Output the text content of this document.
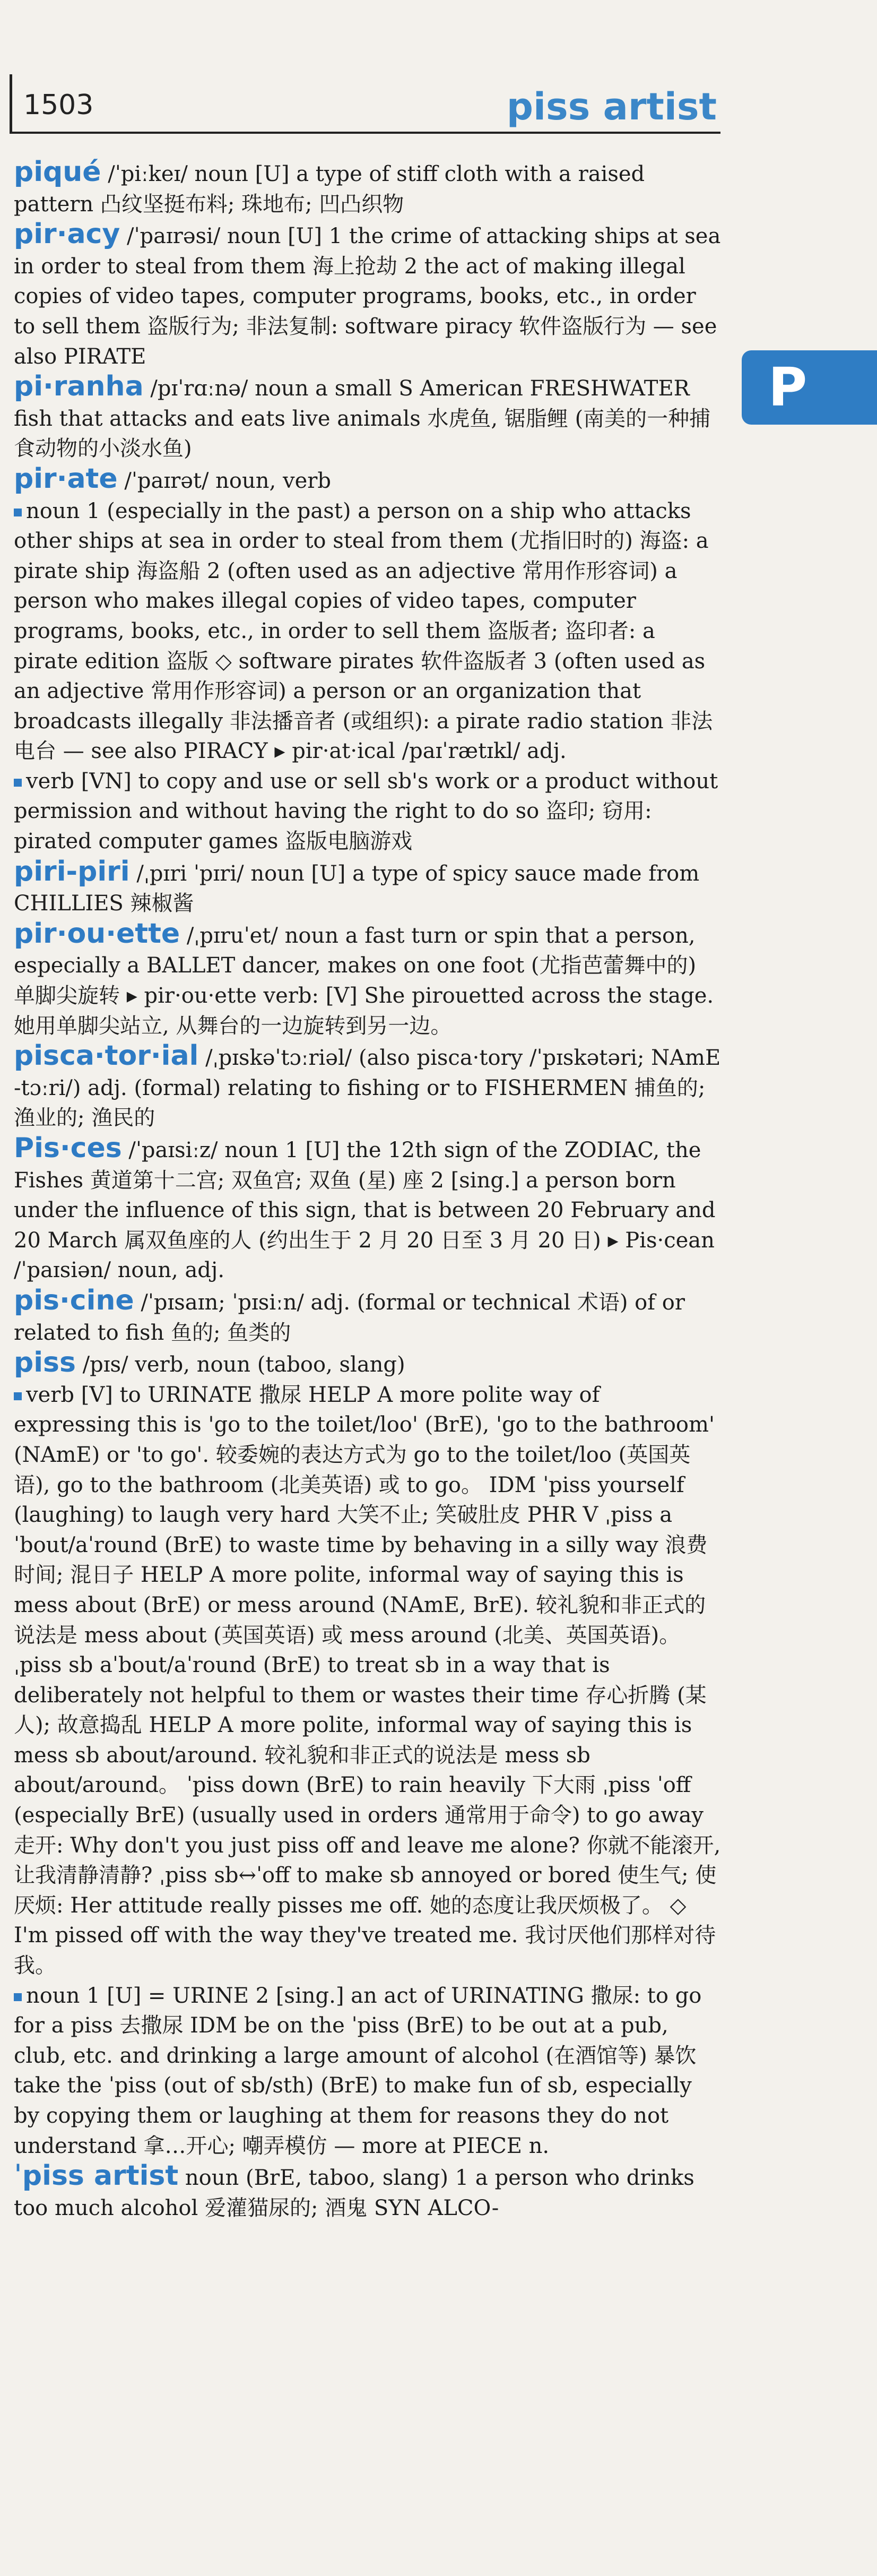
1503	piss artist
P

piqué /ˈpiːkeɪ/ noun [U] a type of stiff cloth with a raised pattern 凸纹坚挺布料; 珠地布; 凹凸织物

pir·acy /ˈpaɪrəsi/ noun [U] 1 the crime of attacking ships at sea in order to steal from them 海上抢劫 2 the act of making illegal copies of video tapes, computer programs, books, etc., in order to sell them 盗版行为; 非法复制: software piracy 软件盗版行为 — see also PIRATE

pi·ranha /pɪˈrɑːnə/ noun a small S American FRESHWATER fish that attacks and eats live animals 水虎鱼, 锯脂鲤 (南美的一种捕食动物的小淡水鱼)

pir·ate /ˈpaɪrət/ noun, verb

noun 1 (especially in the past) a person on a ship who attacks other ships at sea in order to steal from them (尤指旧时的) 海盗: a pirate ship 海盗船 2 (often used as an adjective 常用作形容词) a person who makes illegal copies of video tapes, computer programs, books, etc., in order to sell them 盗版者; 盗印者: a pirate edition 盗版 ◇ software pirates 软件盗版者 3 (often used as an adjective 常用作形容词) a person or an organization that broadcasts illegally 非法播音者 (或组织): a pirate radio station 非法电台 — see also PIRACY ▸ pir·at·ical /paɪˈrætɪkl/ adj.

verb [VN] to copy and use or sell sb's work or a product without permission and without having the right to do so 盗印; 窃用: pirated computer games 盗版电脑游戏

piri-piri /ˌpɪri ˈpɪri/ noun [U] a type of spicy sauce made from CHILLIES 辣椒酱

pir·ou·ette /ˌpɪruˈet/ noun a fast turn or spin that a person, especially a BALLET dancer, makes on one foot (尤指芭蕾舞中的) 单脚尖旋转 ▸ pir·ou·ette verb: [V] She pirouetted across the stage. 她用单脚尖站立, 从舞台的一边旋转到另一边。

pisca·tor·ial /ˌpɪskəˈtɔːriəl/ (also pisca·tory /ˈpɪskətəri; NAmE -tɔːri/) adj. (formal) relating to fishing or to FISHERMEN 捕鱼的; 渔业的; 渔民的

Pis·ces /ˈpaɪsiːz/ noun 1 [U] the 12th sign of the ZODIAC, the Fishes 黄道第十二宫; 双鱼宫; 双鱼 (星) 座 2 [sing.] a person born under the influence of this sign, that is between 20 February and 20 March 属双鱼座的人 (约出生于 2 月 20 日至 3 月 20 日) ▸ Pis·cean /ˈpaɪsiən/ noun, adj.

pis·cine /ˈpɪsaɪn; ˈpɪsiːn/ adj. (formal or technical 术语) of or related to fish 鱼的; 鱼类的

piss /pɪs/ verb, noun (taboo, slang)

verb [V] to URINATE 撒尿 HELP A more polite way of expressing this is 'go to the toilet/loo' (BrE), 'go to the bathroom' (NAmE) or 'to go'. 较委婉的表达方式为 go to the toilet/loo (英国英语), go to the bathroom (北美英语) 或 to go。 IDM ˈpiss yourself (laughing) to laugh very hard 大笑不止; 笑破肚皮 PHR V ˌpiss aˈbout/aˈround (BrE) to waste time by behaving in a silly way 浪费时间; 混日子 HELP A more polite, informal way of saying this is mess about (BrE) or mess around (NAmE, BrE). 较礼貌和非正式的说法是 mess about (英国英语) 或 mess around (北美、英国英语)。 ˌpiss sb aˈbout/aˈround (BrE) to treat sb in a way that is deliberately not helpful to them or wastes their time 存心折腾 (某人); 故意捣乱 HELP A more polite, informal way of saying this is mess sb about/around. 较礼貌和非正式的说法是 mess sb about/around。 ˈpiss down (BrE) to rain heavily 下大雨 ˌpiss ˈoff (especially BrE) (usually used in orders 通常用于命令) to go away 走开: Why don't you just piss off and leave me alone? 你就不能滚开, 让我清静清静? ˌpiss sb↔ˈoff to make sb annoyed or bored 使生气; 使厌烦: Her attitude really pisses me off. 她的态度让我厌烦极了。 ◇ I'm pissed off with the way they've treated me. 我讨厌他们那样对待我。

noun 1 [U] = URINE 2 [sing.] an act of URINATING 撒尿: to go for a piss 去撒尿 IDM be on the ˈpiss (BrE) to be out at a pub, club, etc. and drinking a large amount of alcohol (在酒馆等) 暴饮 take the ˈpiss (out of sb/sth) (BrE) to make fun of sb, especially by copying them or laughing at them for reasons they do not understand 拿…开心; 嘲弄模仿 — more at PIECE n.

ˈpiss artist noun (BrE, taboo, slang) 1 a person who drinks too much alcohol 爱灌猫尿的; 酒鬼 SYN ALCO-
